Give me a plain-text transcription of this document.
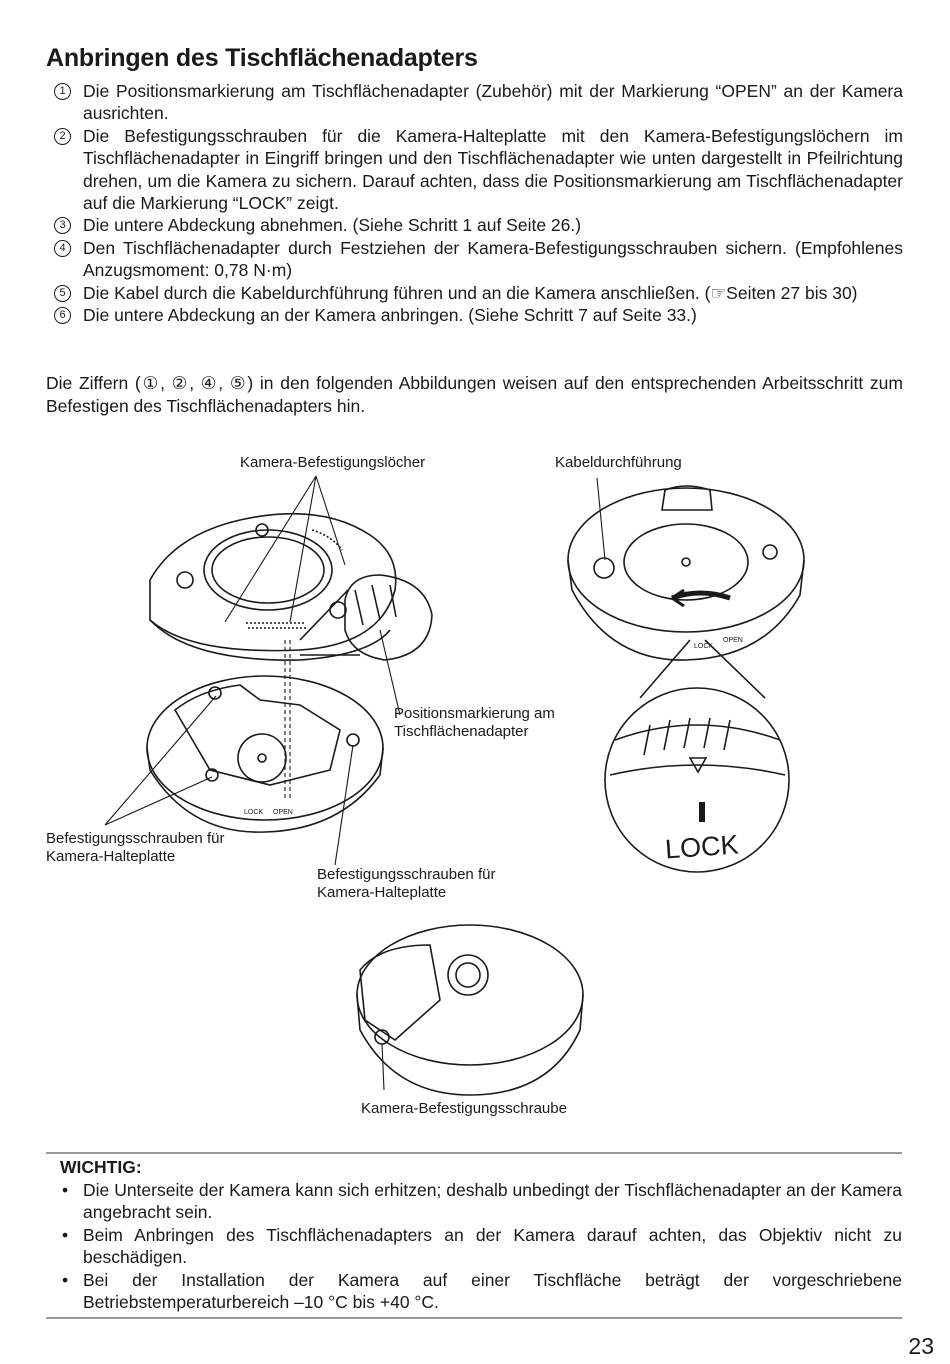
Anbringen des Tischflächenadapters
1 Die Positionsmarkierung am Tischflächenadapter (Zubehör) mit der Markierung “OPEN” an der Kamera ausrichten.
2 Die Befestigungsschrauben für die Kamera-Halteplatte mit den Kamera-Befestigungslöchern im Tischflächenadapter in Eingriff bringen und den Tischflächenadapter wie unten dargestellt in Pfeilrichtung drehen, um die Kamera zu sichern. Darauf achten, dass die Positionsmarkierung am Tischflächenadapter auf die Markierung “LOCK” zeigt.
3 Die untere Abdeckung abnehmen. (Siehe Schritt 1 auf Seite 26.)
4 Den Tischflächenadapter durch Festziehen der Kamera-Befestigungsschrauben sichern. (Empfohlenes Anzugsmoment: 0,78 N·m)
5 Die Kabel durch die Kabeldurchführung führen und an die Kamera anschließen. (☞Seiten 27 bis 30)
6 Die untere Abdeckung an der Kamera anbringen. (Siehe Schritt 7 auf Seite 33.)

Die Ziffern (①, ②, ④, ⑤) in den folgenden Abbildungen weisen auf den entsprechenden Arbeitsschritt zum Befestigen des Tischflächenadapters hin.

Kamera-Befestigungslöcher	Kabeldurchführung
Positionsmarkierung am
Tischflächenadapter
Befestigungsschrauben für
Kamera-Halteplatte
Befestigungsschrauben für
Kamera-Halteplatte
Kamera-Befestigungsschraube
LOCK OPEN
LOCK
OPEN
LOCK
WICHTIG:
• Die Unterseite der Kamera kann sich erhitzen; deshalb unbedingt der Tischflächenadapter an der Kamera angebracht sein.
• Beim Anbringen des Tischflächenadapters an der Kamera darauf achten, das Objektiv nicht zu beschädigen.
• Bei der Installation der Kamera auf einer Tischfläche beträgt der vorgeschriebene Betriebstemperaturbereich –10 °C bis +40 °C.
23
